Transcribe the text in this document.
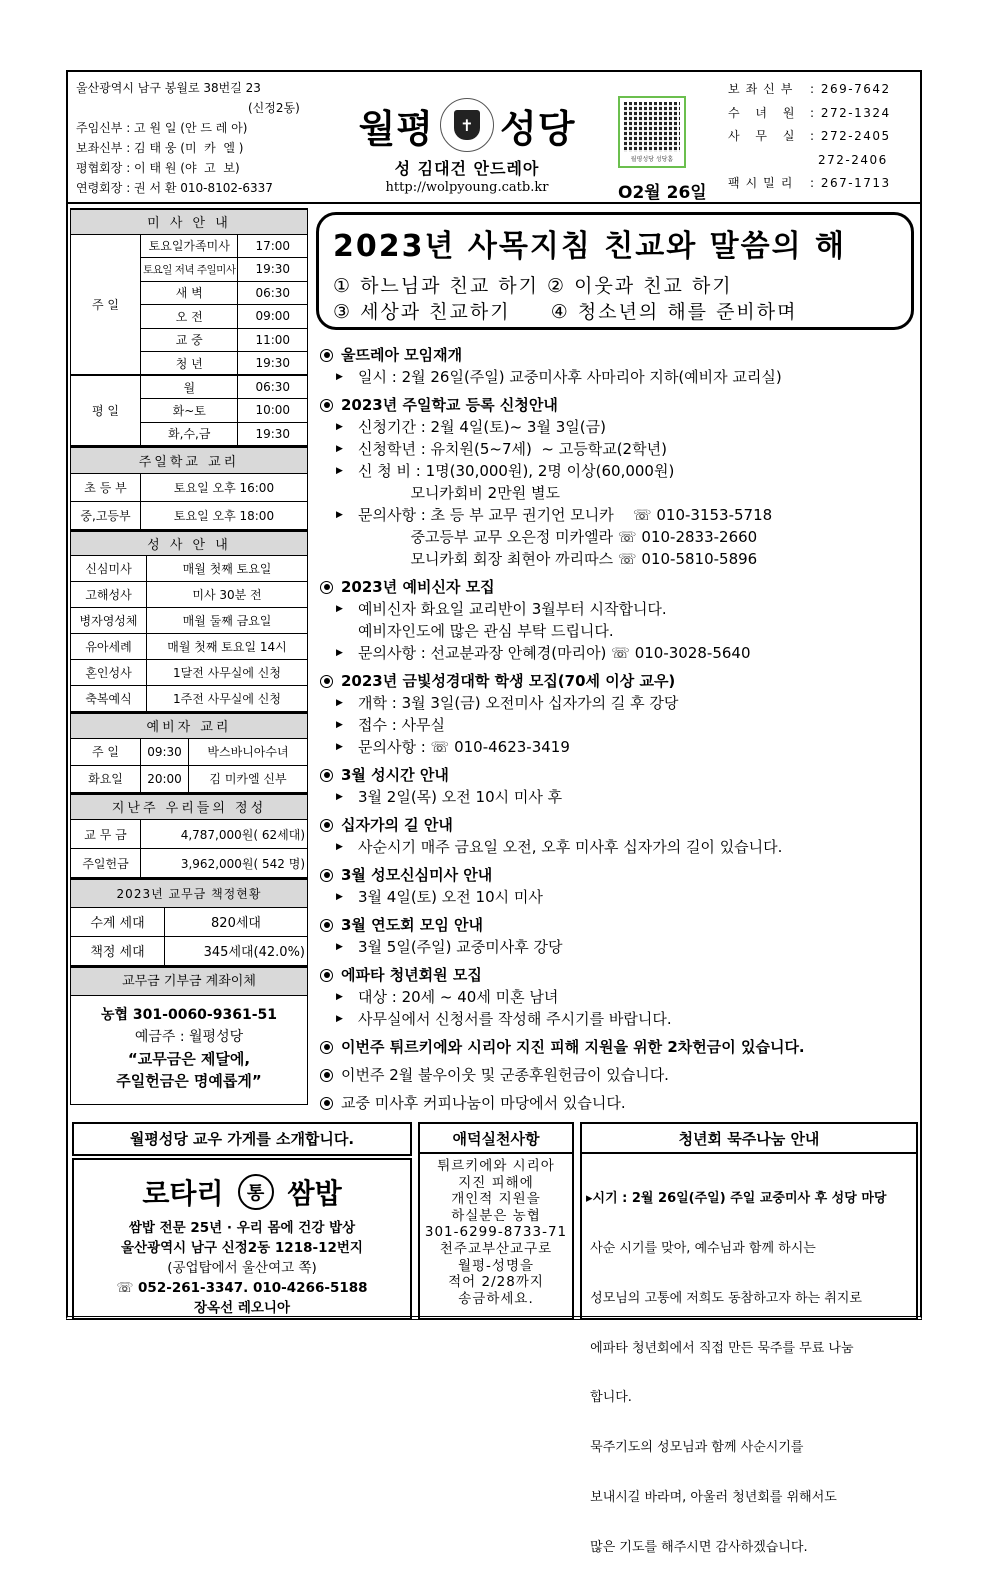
울산광역시 남구 봉월로 38번길 23
(신정2동)
주임신부 : 고 원 일 (안 드 레 아)
보좌신부 : 김 태 웅 (미  카  엘 )
평협회장 : 이 태 원 (야  고  보)
연령회장 : 권 서 환 010-8102-6337
월평	✝ 성당
성 김대건 안드레아
http://wolpyoung.catb.kr
월평성당 성당홈
O2월 26일
보좌신부 : 269-7642
수 녀 원 : 272-1324
사 무 실 : 272-2405
272-2406
팩시밀리 : 267-1713
미 사 안 내		
주 일	토요일가족미사	17:00
	토요일 저녁 주일미사	19:30
	새 벽	06:30
	오 전	09:00
	교 중	11:00
	청 년	19:30
평 일	월	06:30
	화~토	10:00
	화,수,금	19:30
주일학교 교리	
초 등 부	토요일 오후 16:00
중,고등부	토요일 오후 18:00
성 사 안 내	
신심미사	매월 첫째 토요일
고해성사	미사 30분 전
병자영성체	매월 둘째 금요일
유아세례	매월 첫째 토요일 14시
혼인성사	1달전 사무실에 신청
축복예식	1주전 사무실에 신청
예비자 교리		
주 일	09:30	박스바니아수녀
화요일	20:00	김 미카엘 신부
지난주 우리들의 정성	
교 무 금	4,787,000원( 62세대)
주일헌금	3,962,000원( 542 명)
2023년 교무금 책정현황	
수계 세대	820세대
책정 세대	345세대(42.0%)
교무금 기부금 계좌이체
농협 301-0060-9361-51
예금주 : 월평성당
“교무금은 제달에,
주일헌금은 명예롭게”
2023년 사목지침 친교와 말씀의 해
① 하느님과 친교 하기 ② 이웃과 친교 하기
③ 세상과 친교하기     ④ 청소년의 해를 준비하며
울뜨레아 모임재개
▶	일시 : 2월 26일(주일) 교중미사후 사마리아 지하(예비자 교리실)
2023년 주일학교 등록 신청안내
▶	신청기간 : 2월 4일(토)~ 3월 3일(금)
▶	신청학년 : 유치원(5~7세)  ~ 고등학교(2학년)
▶	신 청 비 : 1명(30,000원), 2명 이상(60,000원)
모니카회비 2만원 별도
▶	문의사항 : 초 등 부 교무 권기언 모니카    ☏ 010-3153-5718
중고등부 교무 오은정 미카엘라 ☏ 010-2833-2660
모니카회 회장 최현아 까리따스 ☏ 010-5810-5896
2023년 예비신자 모집
▶	예비신자 화요일 교리반이 3월부터 시작합니다.
예비자인도에 많은 관심 부탁 드립니다.
▶	문의사항 : 선교분과장 안혜경(마리아) ☏ 010-3028-5640
2023년 금빛성경대학 학생 모집(70세 이상 교우)
▶	개학 : 3월 3일(금) 오전미사 십자가의 길 후 강당
▶	접수 : 사무실
▶	문의사항 : ☏ 010-4623-3419
3월 성시간 안내
▶	3월 2일(목) 오전 10시 미사 후
십자가의 길 안내
▶	사순시기 매주 금요일 오전, 오후 미사후 십자가의 길이 있습니다.
3월 성모신심미사 안내
▶	3월 4일(토) 오전 10시 미사
3월 연도회 모임 안내
▶	3월 5일(주일) 교중미사후 강당
에파타 청년회원 모집
▶	대상 : 20세 ~ 40세 미혼 남녀
▶	사무실에서 신청서를 작성해 주시기를 바랍니다.
이번주 튀르키에와 시리아 지진 피해 지원을 위한 2차헌금이 있습니다.
이번주 2월 불우이웃 및 군종후원헌금이 있습니다.
교중 미사후 커피나눔이 마당에서 있습니다.
월평성당 교우 가게를 소개합니다.
로타리	통 쌈밥
쌈밥 전문 25년 · 우리 몸에 건강 밥상
울산광역시 남구 신정2동 1218-12번지
(공업탑에서 울산여고 쪽)
☏ 052-261-3347. 010-4266-5188
장옥선 레오니아
애덕실천사항
튀르키에와 시리아
지진 피해에
개인적 지원을
하실분은 농협
301-6299-8733-71
천주교부산교구로
월평-성명을
적어 2/28까지
송금하세요.
청년회 묵주나눔 안내

▸시기 : 2월 26일(주일) 주일 교중미사 후 성당 마당

사순 시기를 맞아, 예수님과 함께 하시는

성모님의 고통에 저희도 동참하고자 하는 취지로

에파타 청년회에서 직접 만든 묵주를 무료 나눔

합니다.

묵주기도의 성모님과 함께 사순시기를

보내시길 바라며, 아울러 청년회를 위해서도

많은 기도를 해주시면 감사하겠습니다.
